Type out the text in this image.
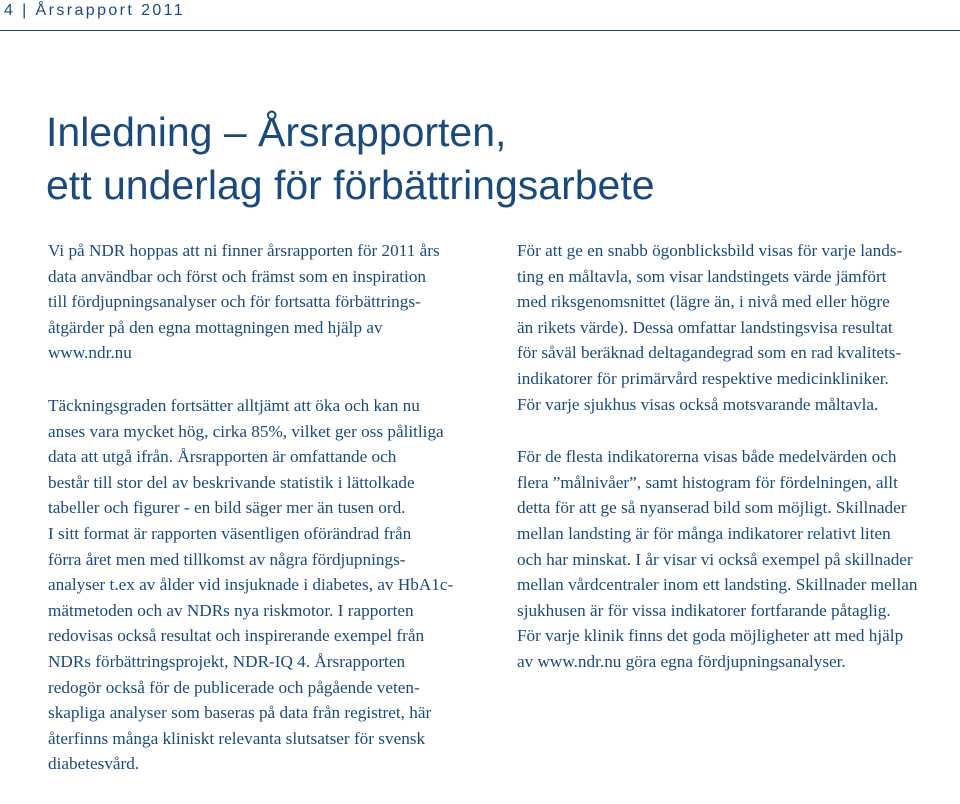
4 | Årsrapport 2011
Inledning – Årsrapporten,
ett underlag för förbättringsarbete

Vi på NDR hoppas att ni finner årsrapporten för 2011 års
data användbar och först och främst som en inspiration
till fördjupningsanalyser och för fortsatta förbättrings-
åtgärder på den egna mottagningen med hjälp av
www.ndr.nu

Täckningsgraden fortsätter alltjämt att öka och kan nu
anses vara mycket hög, cirka 85%, vilket ger oss pålitliga
data att utgå ifrån. Årsrapporten är omfattande och
består till stor del av beskrivande statistik i lättolkade
tabeller och figurer - en bild säger mer än tusen ord.
I sitt format är rapporten väsentligen oförändrad från
förra året men med tillkomst av några fördjupnings-
analyser t.ex av ålder vid insjuknade i diabetes, av HbA1c-
mätmetoden och av NDRs nya riskmotor. I rapporten
redovisas också resultat och inspirerande exempel från
NDRs förbättringsprojekt, NDR-IQ 4. Årsrapporten
redogör också för de publicerade och pågående veten-
skapliga analyser som baseras på data från registret, här
återfinns många kliniskt relevanta slutsatser för svensk
diabetesvård.

För att ge en snabb ögonblicksbild visas för varje lands-
ting en måltavla, som visar landstingets värde jämfört
med riksgenomsnittet (lägre än, i nivå med eller högre
än rikets värde). Dessa omfattar landstingsvisa resultat
för såväl beräknad deltagandegrad som en rad kvalitets-
indikatorer för primärvård respektive medicinkliniker.
För varje sjukhus visas också motsvarande måltavla.

För de flesta indikatorerna visas både medelvärden och
flera ”målnivåer”, samt histogram för fördelningen, allt
detta för att ge så nyanserad bild som möjligt. Skillnader
mellan landsting är för många indikatorer relativt liten
och har minskat. I år visar vi också exempel på skillnader
mellan vårdcentraler inom ett landsting. Skillnader mellan
sjukhusen är för vissa indikatorer fortfarande påtaglig.
För varje klinik finns det goda möjligheter att med hjälp
av www.ndr.nu göra egna fördjupningsanalyser.
